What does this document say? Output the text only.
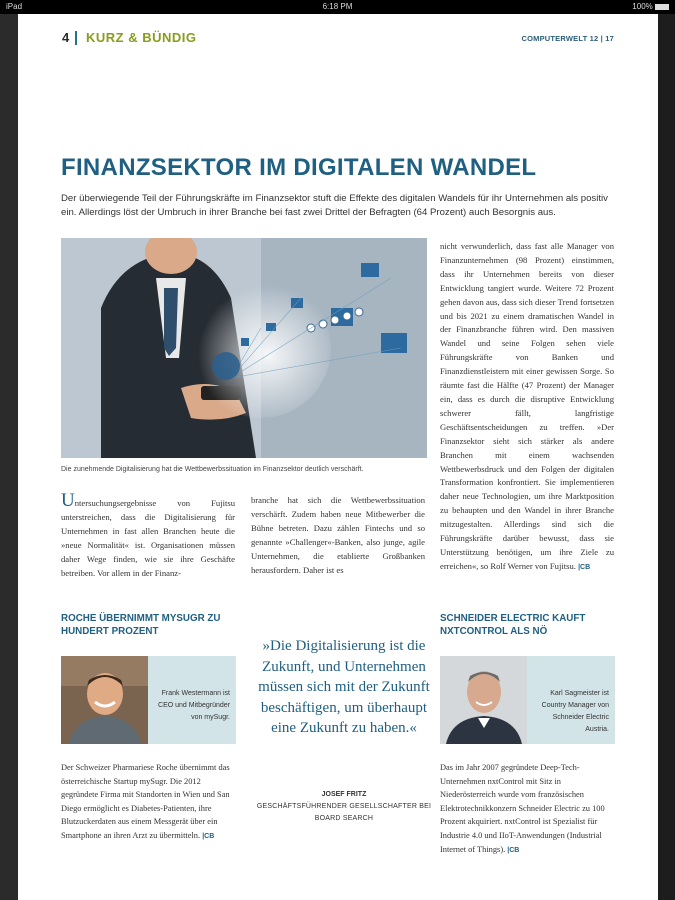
iPad	6:18 PM	100%
4 KURZ & BÜNDIG	COMPUTERWELT 12 | 17
FINANZSEKTOR IM DIGITALEN WANDEL

Der überwiegende Teil der Führungskräfte im Finanzsektor stuft die Effekte des digitalen Wandels für ihr Unternehmen als positiv ein. Allerdings löst der Umbruch in ihrer Branche bei fast zwei Drittel der Befragten (64 Prozent) auch Besorgnis aus.

Die zunehmende Digitalisierung hat die Wettbewerbssituation im Finanzsektor deutlich verschärft.

Untersuchungsergebnisse von Fujitsu unterstreichen, dass die Digitalisierung für Unternehmen in fast allen Branchen heute die »neue Normalität« ist. Organisationen müssen daher Wege finden, wie sie ihre Geschäfte betreiben. Vor allem in der Finanz-
branche hat sich die Wettbewerbssituation verschärft. Zudem haben neue Mitbewerber die Bühne betreten. Dazu zählen Fintechs und so genannte »Challenger«-Banken, also junge, agile Unternehmen, die etablierte Großbanken herausfordern. Daher ist es
nicht verwunderlich, dass fast alle Manager von Finanzunternehmen (98 Prozent) einstimmen, dass ihr Unternehmen bereits von dieser Entwicklung tangiert wurde. Weitere 72 Prozent gehen davon aus, dass sich dieser Trend fortsetzen und bis 2021 zu einem dramatischen Wandel in der Finanzbranche führen wird. Den massiven Wandel und seine Folgen sehen viele Führungskräfte von Banken und Finanzdienstleistern mit einer gewissen Sorge. So räumte fast die Hälfte (47 Prozent) der Manager ein, dass es durch die disruptive Entwicklung schwerer fällt, langfristige Geschäftsentscheidungen zu treffen. »Der Finanzsektor sieht sich stärker als andere Branchen mit einem wachsenden Wettbewerbsdruck und den Folgen der digitalen Transformation konfrontiert. Sie implementieren daher neue Technologien, um ihre Marktposition zu behaupten und den Wandel in ihrer Branche mitzugestalten. Allerdings sind sich die Führungskräfte darüber bewusst, dass sie Unterstützung benötigen, um ihre Ziele zu erreichen«, so Rolf Werner von Fujitsu. |CB
ROCHE ÜBERNIMMT MYSUGR ZU HUNDERT PROZENT
Frank Westermann ist CEO und Mitbegründer von mySugr.
Der Schweizer Pharmariese Roche übernimmt das österreichische Startup mySugr. Die 2012 gegründete Firma mit Standorten in Wien und San Diego ermöglicht es Diabetes-Patienten, ihre Blutzuckerdaten aus einem Messgerät über ein Smartphone an ihren Arzt zu übermitteln. |CB
»Die Digitalisierung ist die Zukunft, und Unternehmen müssen sich mit der Zukunft beschäftigen, um überhaupt eine Zukunft zu haben.«
JOSEF FRITZ
GESCHÄFTSFÜHRENDER GESELLSCHAFTER BEI BOARD SEARCH
SCHNEIDER ELECTRIC KAUFT NXTCONTROL ALS NÖ
Karl Sagmeister ist Country Manager von Schneider Electric Austria.
Das im Jahr 2007 gegründete Deep-Tech-Unternehmen nxtControl mit Sitz in Niederösterreich wurde vom französischen Elektrotechnikkonzern Schneider Electric zu 100 Prozent akquiriert. nxtControl ist Spezialist für Industrie 4.0 und IIoT-Anwendungen (Industrial Internet of Things). |CB
